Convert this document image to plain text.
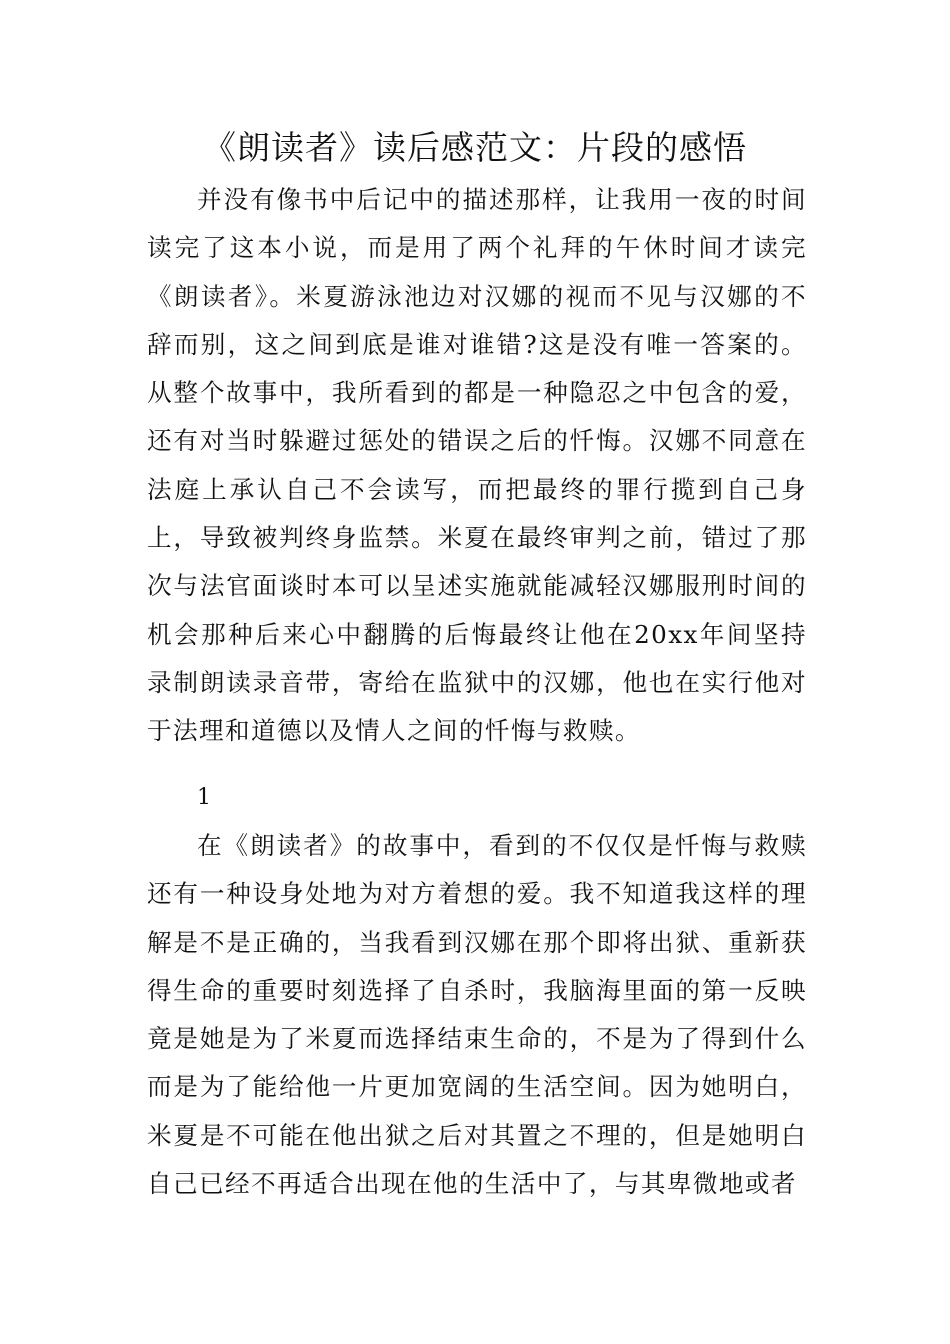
《朗读者》读后感范文：片段的感悟

并没有像书中后记中的描述那样，让我用一夜的时间读完了这本小说，而是用了两个礼拜的午休时间才读完《朗读者》。米夏游泳池边对汉娜的视而不见与汉娜的不辞而别，这之间到底是谁对谁错?这是没有唯一答案的。从整个故事中，我所看到的都是一种隐忍之中包含的爱，还有对当时躲避过惩处的错误之后的忏悔。汉娜不同意在法庭上承认自己不会读写，而把最终的罪行揽到自己身上，导致被判终身监禁。米夏在最终审判之前，错过了那次与法官面谈时本可以呈述实施就能减轻汉娜服刑时间的机会那种后来心中翻腾的后悔最终让他在20xx年间坚持录制朗读录音带，寄给在监狱中的汉娜，他也在实行他对于法理和道德以及情人之间的忏悔与救赎。

1

在《朗读者》的故事中，看到的不仅仅是忏悔与救赎还有一种设身处地为对方着想的爱。我不知道我这样的理解是不是正确的，当我看到汉娜在那个即将出狱、重新获得生命的重要时刻选择了自杀时，我脑海里面的第一反映竟是她是为了米夏而选择结束生命的，不是为了得到什么而是为了能给他一片更加宽阔的生活空间。因为她明白，米夏是不可能在他出狱之后对其置之不理的，但是她明白自己已经不再适合出现在他的生活中了，与其卑微地或者
